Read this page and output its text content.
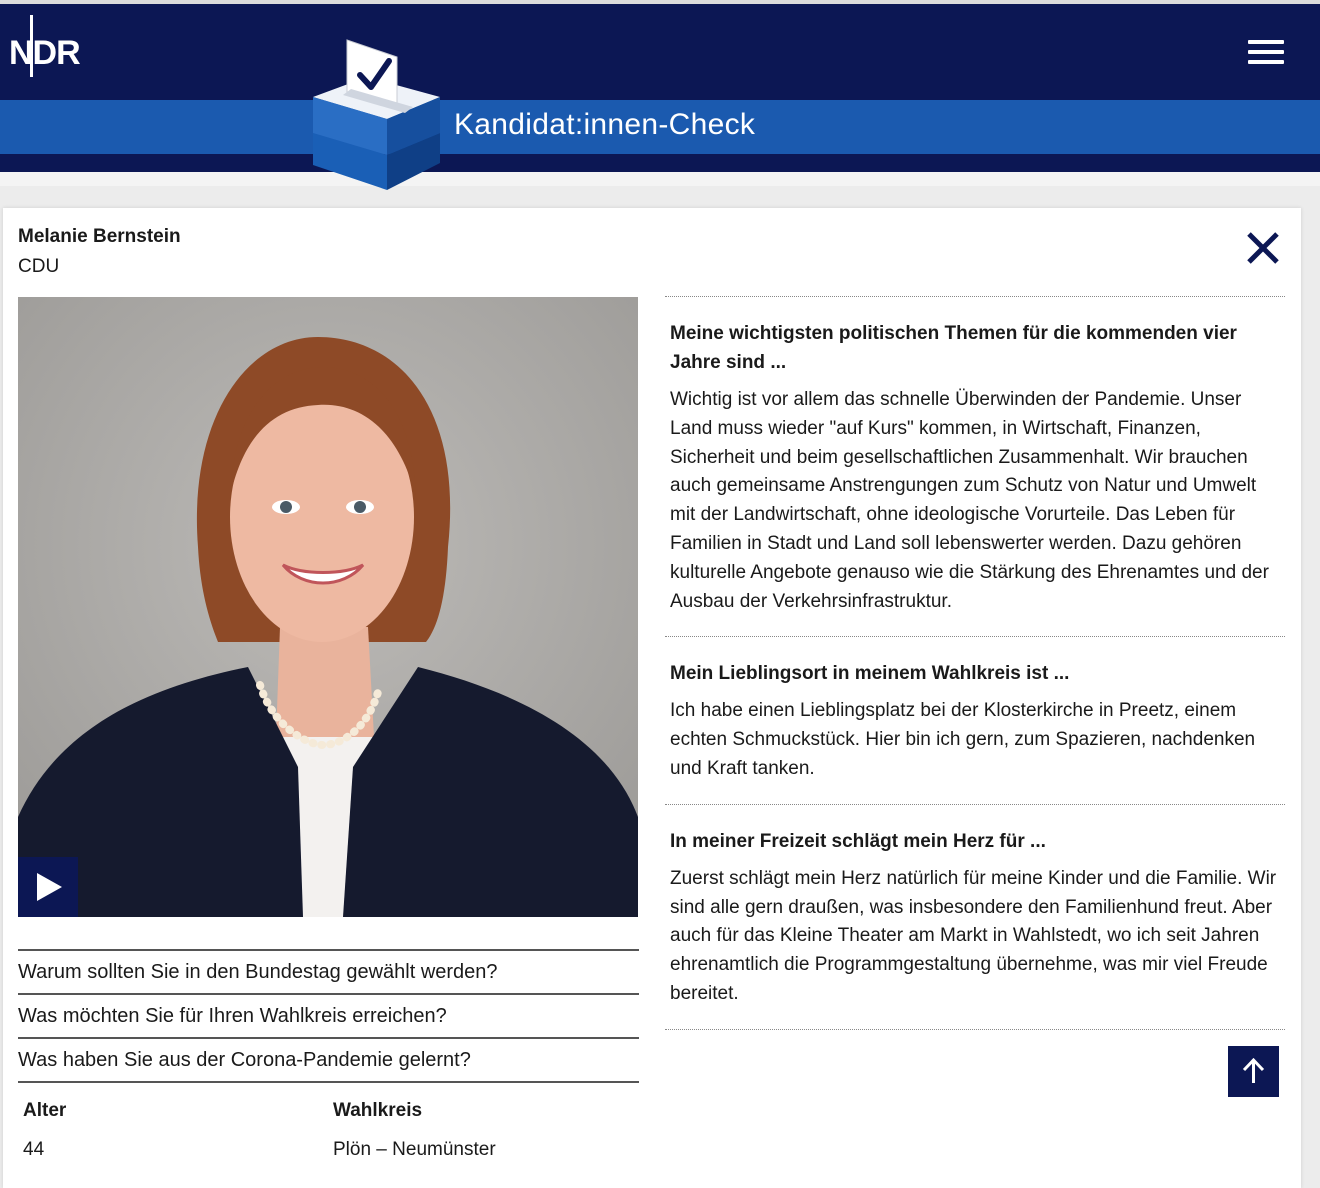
NDR
Kandidat:innen-Check
Melanie Bernstein
CDU
Warum sollten Sie in den Bundestag gewählt werden?
Was möchten Sie für Ihren Wahlkreis erreichen?
Was haben Sie aus der Corona-Pandemie gelernt?
Alter
44
Wahlkreis
Plön – Neumünster
Meine wichtigsten politischen Themen für die kommenden vier Jahre sind ...

Wichtig ist vor allem das schnelle Überwinden der Pandemie. Unser Land muss wieder "auf Kurs" kommen, in Wirtschaft, Finanzen, Sicherheit und beim gesellschaftlichen Zusammenhalt. Wir brauchen auch gemeinsame Anstrengungen zum Schutz von Natur und Umwelt mit der Landwirtschaft, ohne ideologische Vorurteile. Das Leben für Familien in Stadt und Land soll lebenswerter werden. Dazu gehören kulturelle Angebote genauso wie die Stärkung des Ehrenamtes und der Ausbau der Verkehrsinfrastruktur.

Mein Lieblingsort in meinem Wahlkreis ist ...

Ich habe einen Lieblingsplatz bei der Klosterkirche in Preetz, einem echten Schmuckstück. Hier bin ich gern, zum Spazieren, nachdenken und Kraft tanken.

In meiner Freizeit schlägt mein Herz für ...

Zuerst schlägt mein Herz natürlich für meine Kinder und die Familie. Wir sind alle gern draußen, was insbesondere den Familienhund freut. Aber auch für das Kleine Theater am Markt in Wahlstedt, wo ich seit Jahren ehrenamtlich die Programmgestaltung übernehme, was mir viel Freude bereitet.
